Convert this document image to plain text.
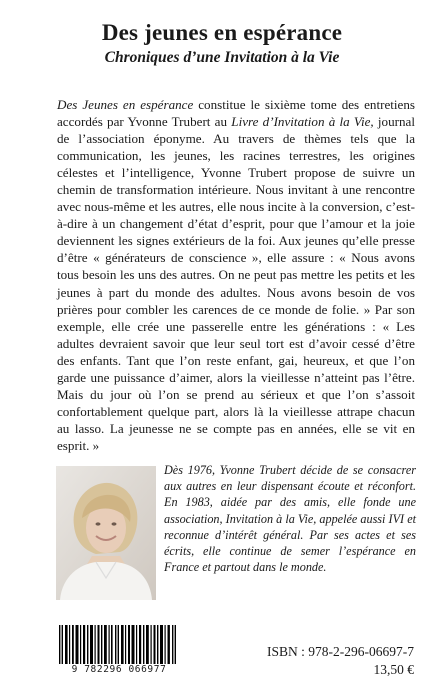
Des jeunes en espérance
Chroniques d’une Invitation à la Vie
Des Jeunes en espérance constitue le sixième tome des entretiens accordés par Yvonne Trubert au Livre d’Invitation à la Vie, journal de l’association éponyme. Au travers de thèmes tels que la communication, les jeunes, les racines terrestres, les origines célestes et l’intelligence, Yvonne Trubert propose de suivre un chemin de transformation intérieure. Nous invitant à une rencontre avec nous-même et les autres, elle nous incite à la conversion, c’est-à-dire à un changement d’état d’esprit, pour que l’amour et la joie deviennent les signes extérieurs de la foi. Aux jeunes qu’elle presse d’être « générateurs de conscience », elle assure : « Nous avons tous besoin les uns des autres. On ne peut pas mettre les petits et les jeunes à part du monde des adultes. Nous avons besoin de vos prières pour combler les carences de ce monde de folie. » Par son exemple, elle crée une passerelle entre les générations : « Les adultes devraient savoir que leur seul tort est d’avoir cessé d’être des enfants. Tant que l’on reste enfant, gai, heureux, et que l’on garde une puissance d’aimer, alors la vieillesse n’atteint pas l’être. Mais du jour où l’on se prend au sérieux et que l’on s’assoit confortablement quelque part, alors là la vieillesse attrape chacun au lasso. La jeunesse ne se compte pas en années, elle se vit en esprit. »
Dès 1976, Yvonne Trubert décide de se consacrer aux autres en leur dispensant écoute et réconfort. En 1983, aidée par des amis, elle fonde une association, Invitation à la Vie, appelée aussi IVI et reconnue d’intérêt général. Par ses actes et ses écrits, elle continue de semer l’espérance en France et partout dans le monde.
9 782296 066977
ISBN : 978-2-296-06697-7
13,50 €
